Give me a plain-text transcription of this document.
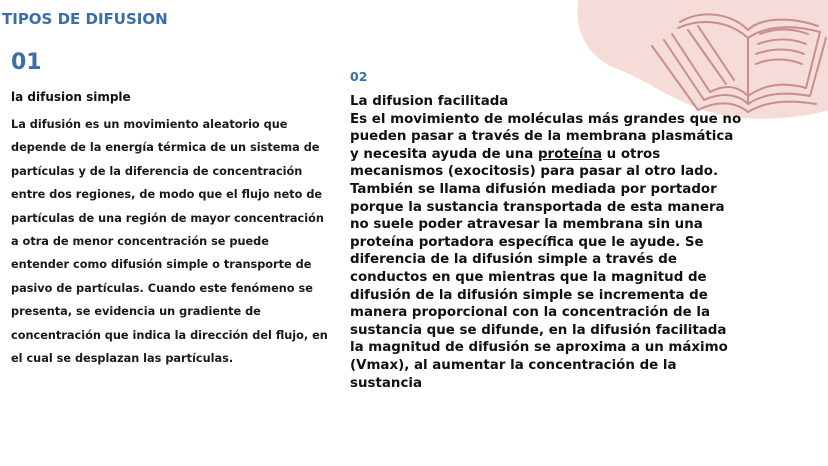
TIPOS DE DIFUSION
01
la difusion simple
La difusión es un movimiento aleatorio que
depende de la energía térmica de un sistema de
partículas y de la diferencia de concentración
entre dos regiones, de modo que el flujo neto de
partículas de una región de mayor concentración
a otra de menor concentración se puede
entender como difusión simple o transporte de
pasivo de partículas. Cuando este fenómeno se
presenta, se evidencia un gradiente de
concentración que indica la dirección del flujo, en
el cual se desplazan las partículas.
02
La difusion facilitada
Es el movimiento de moléculas más grandes que no
pueden pasar a través de la membrana plasmática
y necesita ayuda de una proteína u otros
mecanismos (exocitosis) para pasar al otro lado.
También se llama difusión mediada por portador
porque la sustancia transportada de esta manera
no suele poder atravesar la membrana sin una
proteína portadora específica que le ayude. Se
diferencia de la difusión simple a través de
conductos en que mientras que la magnitud de
difusión de la difusión simple se incrementa de
manera proporcional con la concentración de la
sustancia que se difunde, en la difusión facilitada
la magnitud de difusión se aproxima a un máximo
(Vmax), al aumentar la concentración de la
sustancia
